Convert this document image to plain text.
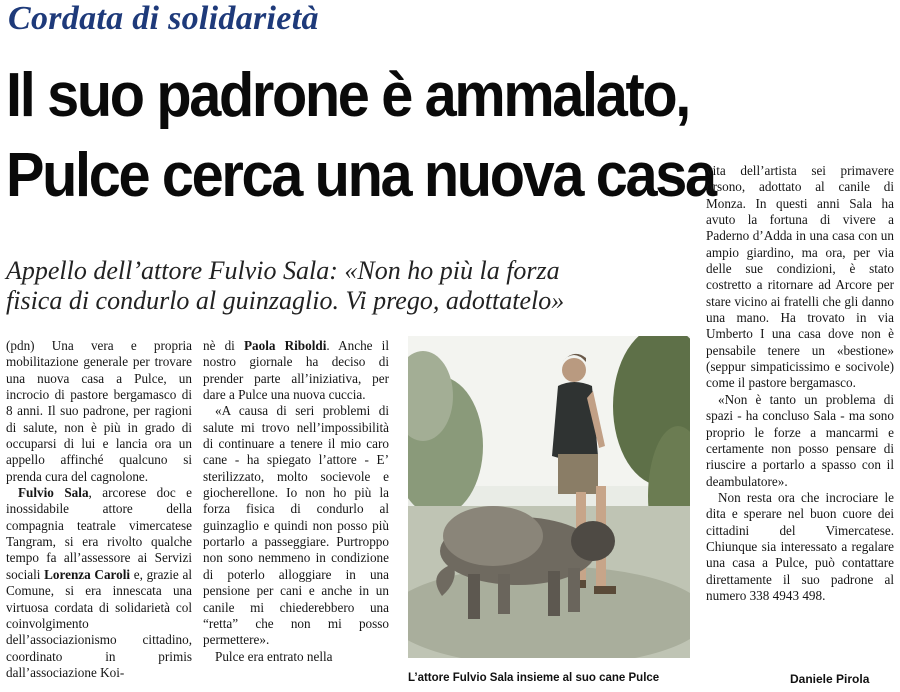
Cordata di solidarietà
Il suo padrone è ammalato,
Pulce cerca una nuova casa
Appello dell’attore Fulvio Sala: «Non ho più la forza
fisica di condurlo al guinzaglio. Vi prego, adottatelo»

(pdn) Una vera e propria mobilitazione generale per trovare una nuova casa a Pulce, un incrocio di pastore bergamasco di 8 anni. Il suo padrone, per ragioni di salute, non è più in grado di occuparsi di lui e lancia ora un appello affinché qualcuno si prenda cura del cagnolone.

Fulvio Sala, arcorese doc e inossidabile attore della compagnia teatrale vimercatese Tangram, si era rivolto qualche tempo fa all’assessore ai Servizi sociali Lorenza Caroli e, grazie al Comune, si era innescata una virtuosa cordata di solidarietà col coinvolgimento dell’associazionismo cittadino, coordinato in primis dall’associazione Koi-

nè di Paola Riboldi. Anche il nostro giornale ha deciso di prender parte all’iniziativa, per dare a Pulce una nuova cuccia.

«A causa di seri problemi di salute mi trovo nell’impossibilità di continuare a tenere il mio caro cane - ha spiegato l’attore - E’ sterilizzato, molto socievole e giocherellone. Io non ho più la forza fisica di condurlo al guinzaglio e quindi non posso più portarlo a passeggiare. Purtroppo non sono nemmeno in condizione di poterlo alloggiare in una pensione per cani e anche in un canile mi chiederebbero una “retta” che non mi posso permettere».

Pulce era entrato nella

vita dell’artista sei primavere orsono, adottato al canile di Monza. In questi anni Sala ha avuto la fortuna di vivere a Paderno d’Adda in una casa con un ampio giardino, ma ora, per via delle sue condizioni, è stato costretto a ritornare ad Arcore per stare vicino ai fratelli che gli danno una mano. Ha trovato in via Umberto I una casa dove non è pensabile tenere un «bestione» (seppur simpaticissimo e socivole) come il pastore bergamasco.

«Non è tanto un problema di spazi - ha concluso Sala - ma sono proprio le forze a mancarmi e certamente non posso pensare di riuscire a portarlo a spasso con il deambulatore».

Non resta ora che incrociare le dita e sperare nel buon cuore dei cittadini del Vimercatese. Chiunque sia interessato a regalare una casa a Pulce, può contattare direttamente il suo padrone al numero 338 4943 498.

L’attore Fulvio Sala insieme al suo cane Pulce	Daniele Pirola
